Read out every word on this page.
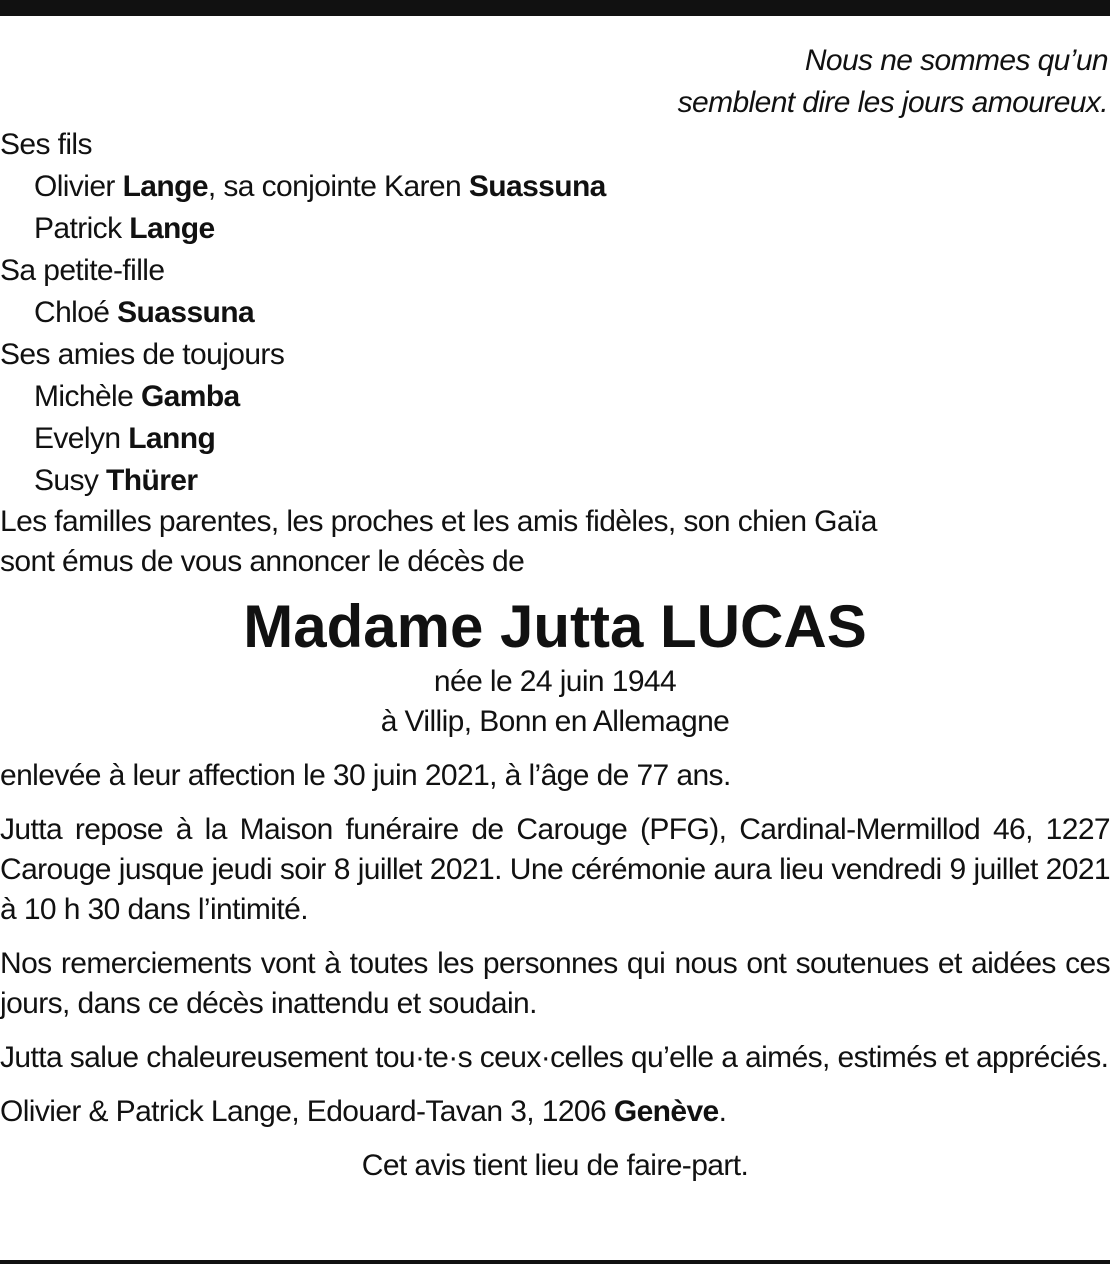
Nous ne sommes qu’un
semblent dire les jours amoureux.
Ses fils
Olivier Lange, sa conjointe Karen Suassuna
Patrick Lange
Sa petite-fille
Chloé Suassuna
Ses amies de toujours
Michèle Gamba
Evelyn Lanng
Susy Thürer
Les familles parentes, les proches et les amis fidèles, son chien Gaïa
sont émus de vous annoncer le décès de
Madame Jutta LUCAS
née le 24 juin 1944
à Villip, Bonn en Allemagne
enlevée à leur affection le 30 juin 2021, à l’âge de 77 ans.
Jutta repose à la Maison funéraire de Carouge (PFG), Cardinal-Mermillod 46, 1227 Carouge jusque jeudi soir 8 juillet 2021. Une cérémonie aura lieu vendredi 9 juillet 2021 à 10 h 30 dans l’intimité.
Nos remerciements vont à toutes les personnes qui nous ont soutenues et aidées ces jours, dans ce décès inattendu et soudain.
Jutta salue chaleureusement tou·te·s ceux·celles qu’elle a aimés, estimés et appréciés.
Olivier & Patrick Lange, Edouard-Tavan 3, 1206 Genève.
Cet avis tient lieu de faire-part.
